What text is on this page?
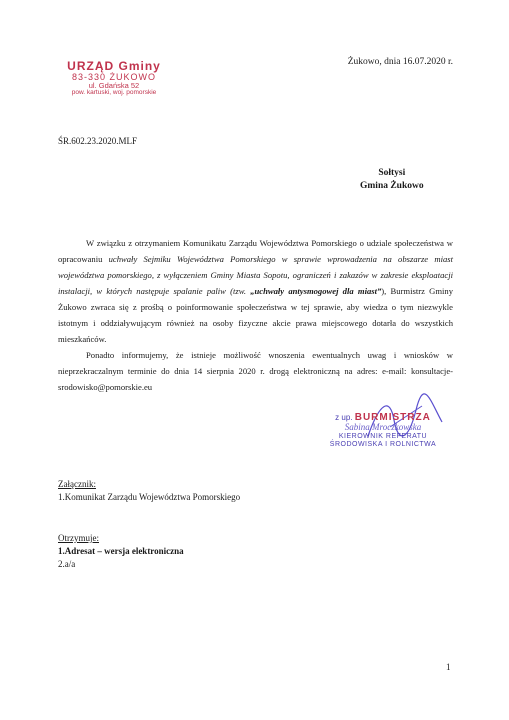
URZĄD Gminy
83-330 ŻUKOWO
ul. Gdańska 52
pow. kartuski, woj. pomorskie
Żukowo, dnia 16.07.2020 r.
ŚR.602.23.2020.MLF
Sołtysi
Gmina Żukowo

W związku z otrzymaniem Komunikatu Zarządu Województwa Pomorskiego o udziale społeczeństwa w opracowaniu uchwały Sejmiku Województwa Pomorskiego w sprawie wprowadzenia na obszarze miast województwa pomorskiego, z wyłączeniem Gminy Miasta Sopotu, ograniczeń i zakazów w zakresie eksploatacji instalacji, w których następuje spalanie paliw (tzw. „uchwały antysmogowej dla miast”), Burmistrz Gminy Żukowo zwraca się z prośbą o poinformowanie społeczeństwa w tej sprawie, aby wiedza o tym niezwykle istotnym i oddziaływującym również na osoby fizyczne akcie prawa miejscowego dotarła do wszystkich mieszkańców.

Ponadto informujemy, że istnieje możliwość wnoszenia ewentualnych uwag i wniosków w nieprzekraczalnym terminie do dnia 14 sierpnia 2020 r. drogą elektroniczną na adres: e-mail: konsultacje-srodowisko@pomorskie.eu

z up. BURMISTRZA
Sabina Mroczkowska
KIEROWNIK REFERATU
ŚRODOWISKA I ROLNICTWA
Załącznik:
1.Komunikat Zarządu Województwa Pomorskiego
Otrzymuje:
1.Adresat – wersja elektroniczna
2.a/a
1
